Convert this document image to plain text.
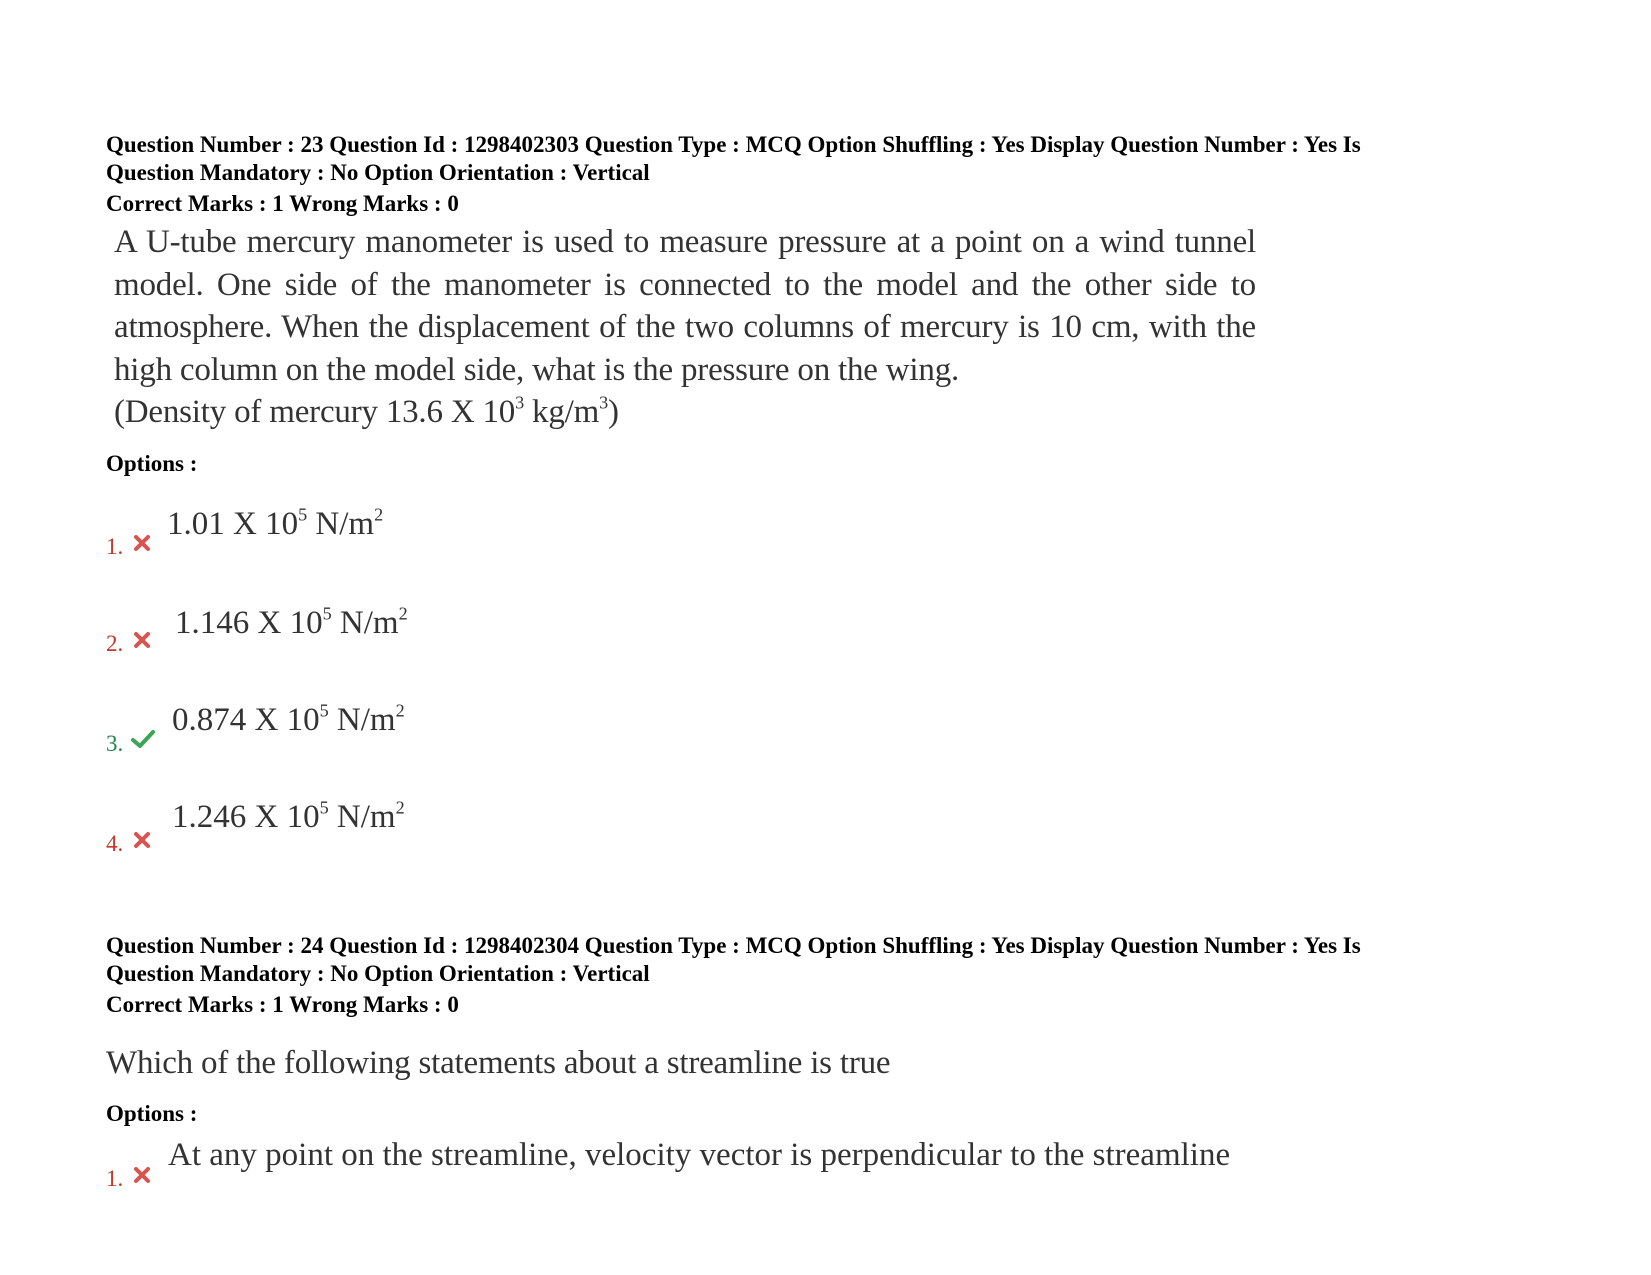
Question Number : 23 Question Id : 1298402303 Question Type : MCQ Option Shuffling : Yes Display Question Number : Yes Is
Question Mandatory : No Option Orientation : Vertical
Correct Marks : 1 Wrong Marks : 0
A U-tube mercury manometer is used to measure pressure at a point on a wind tunnel model. One side of the manometer is connected to the model and the other side to atmosphere. When the displacement of the two columns of mercury is 10 cm, with the high column on the model side, what is the pressure on the wing.
(Density of mercury 13.6 X $10^3$ $kg/m^3$)
Options :
1.
1.01 X $10^5$ $N/m^2$
2.
1.146 X $10^5$ $N/m^2$
3.
0.874 X $10^5$ $N/m^2$
4.
1.246 X $10^5$ $N/m^2$
Question Number : 24 Question Id : 1298402304 Question Type : MCQ Option Shuffling : Yes Display Question Number : Yes Is
Question Mandatory : No Option Orientation : Vertical
Correct Marks : 1 Wrong Marks : 0
Which of the following statements about a streamline is true
Options :
1.
At any point on the streamline, velocity vector is perpendicular to the streamline
